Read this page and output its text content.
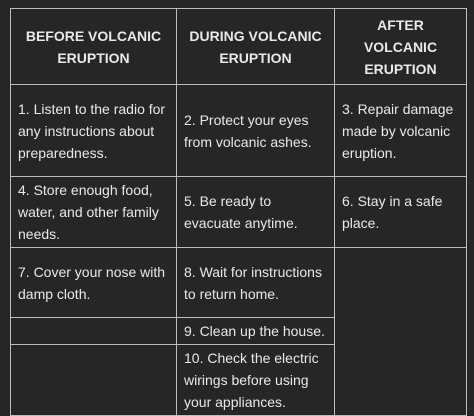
BEFORE VOLCANIC ERUPTION	DURING VOLCANIC ERUPTION	AFTER VOLCANIC ERUPTION
1. Listen to the radio for any instructions about preparedness.	2. Protect your eyes from volcanic ashes.	3. Repair damage made by volcanic eruption.
4. Store enough food, water, and other family needs.	5. Be ready to evacuate anytime.	6. Stay in a safe place.
7. Cover your nose with damp cloth.	8. Wait for instructions to return home.	
	9. Clean up the house.	
	10. Check the electric wirings before using your appliances.	
